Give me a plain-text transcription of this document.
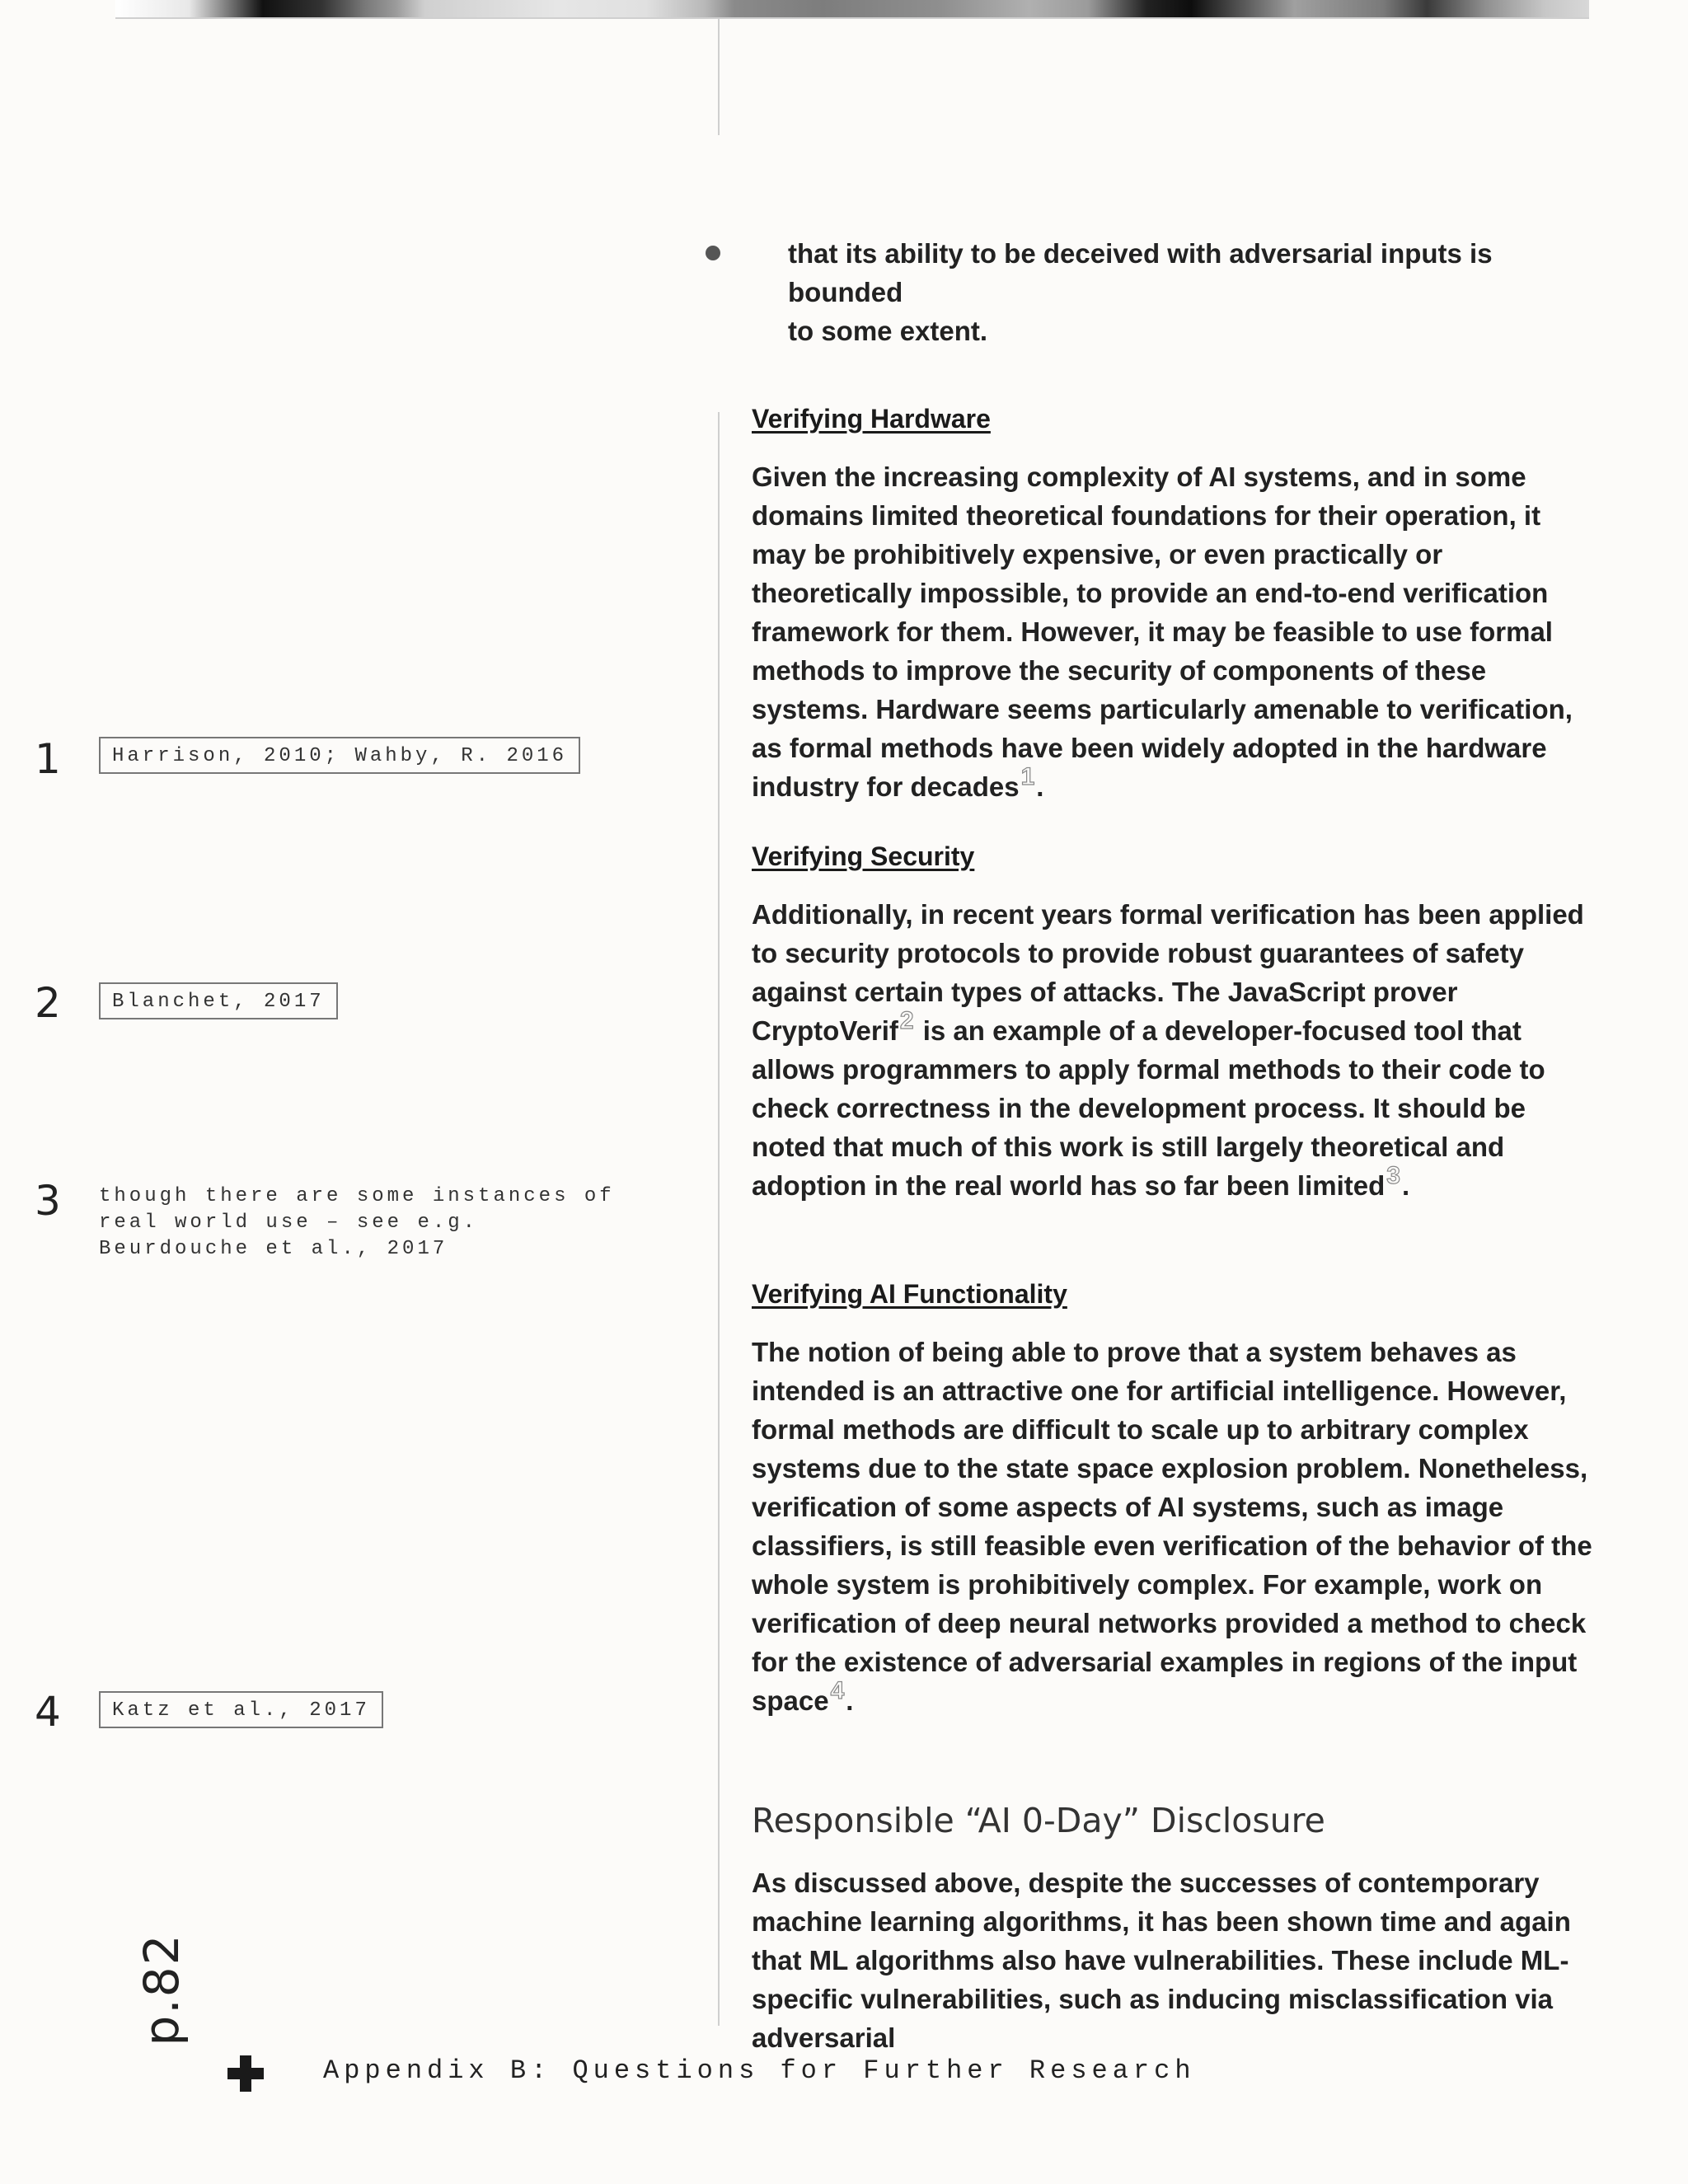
that its ability to be deceived with adversarial inputs is bounded
to some extent.
Verifying Hardware

Given the increasing complexity of AI systems, and in some domains limited theoretical foundations for their operation, it may be prohibitively expensive, or even practically or theoretically impossible, to provide an end-to-end verification framework for them. However, it may be feasible to use formal methods to improve the security of components of these systems. Hardware seems particularly amenable to verification, as formal methods have been widely adopted in the hardware industry for decades1.

Verifying Security

Additionally, in recent years formal verification has been applied to security protocols to provide robust guarantees of safety against certain types of attacks. The JavaScript prover CryptoVerif2 is an example of a developer-focused tool that allows programmers to apply formal methods to their code to check correctness in the development process. It should be noted that much of this work is still largely theoretical and adoption in the real world has so far been limited3.

Verifying AI Functionality

The notion of being able to prove that a system behaves as intended is an attractive one for artificial intelligence. However, formal methods are difficult to scale up to arbitrary complex systems due to the state space explosion problem. Nonetheless, verification of some aspects of AI systems, such as image classifiers, is still feasible even verification of the behavior of the whole system is prohibitively complex. For example, work on verification of deep neural networks provided a method to check for the existence of adversarial examples in regions of the input space4.

Responsible “AI 0-Day” Disclosure

As discussed above, despite the successes of contemporary machine learning algorithms, it has been shown time and again that ML algorithms also have vulnerabilities. These include ML-specific vulnerabilities, such as inducing misclassification via adversarial

1	Harrison, 2010; Wahby, R. 2016
2	Blanchet, 2017
3 though there are some instances of real world use – see e.g. Beurdouche et al., 2017
4	Katz et al., 2017
p.82
Appendix B: Questions for Further Research
